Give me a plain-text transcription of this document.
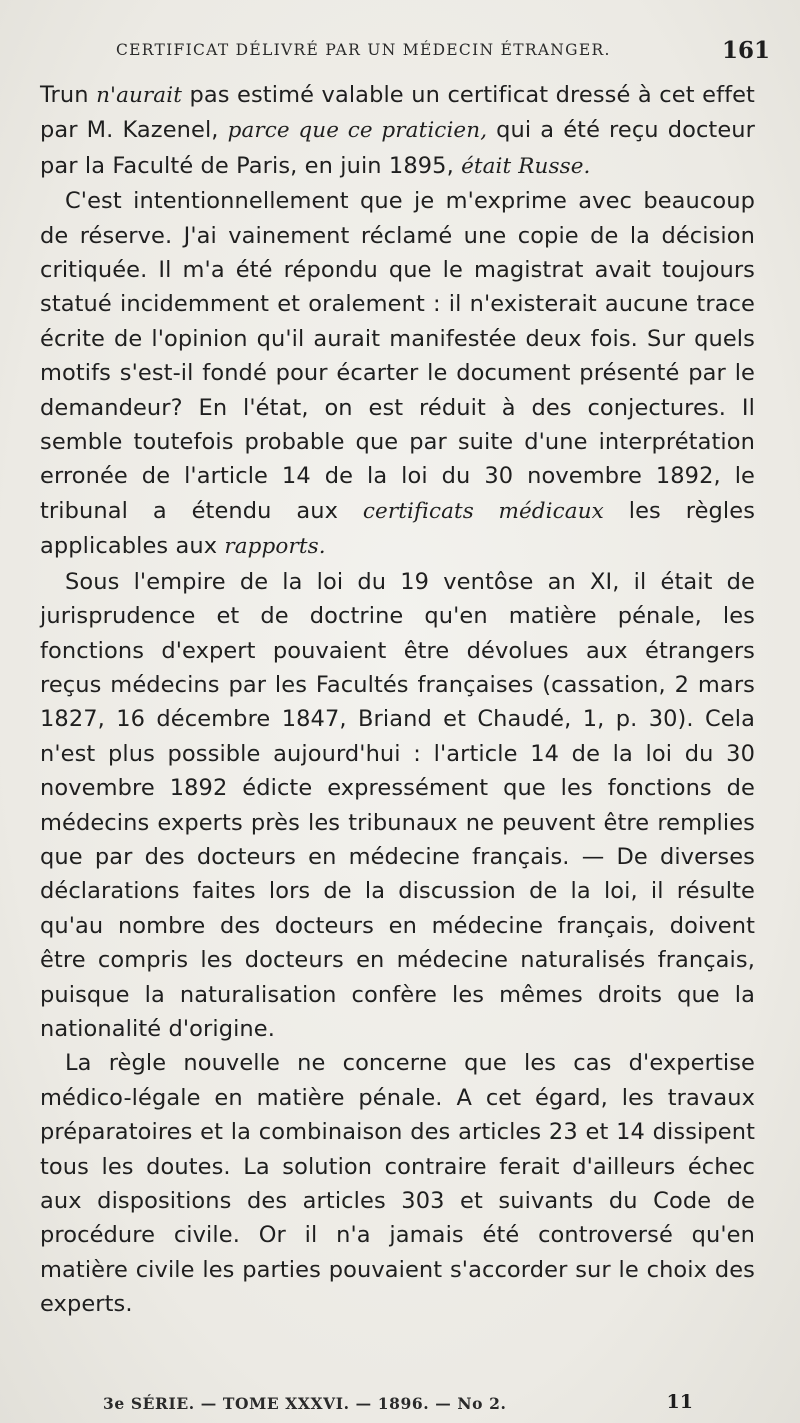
CERTIFICAT DÉLIVRÉ PAR UN MÉDECIN ÉTRANGER.	161

Trun n'aurait pas estimé valable un certificat dressé à cet effet par M. Kazenel, parce que ce praticien, qui a été reçu docteur par la Faculté de Paris, en juin 1895, était Russe.

C'est intentionnellement que je m'exprime avec beaucoup de réserve. J'ai vainement réclamé une copie de la décision critiquée. Il m'a été répondu que le magistrat avait toujours statué incidemment et oralement : il n'existerait aucune trace écrite de l'opinion qu'il aurait manifestée deux fois. Sur quels motifs s'est-il fondé pour écarter le document présenté par le demandeur? En l'état, on est réduit à des conjectures. Il semble toutefois probable que par suite d'une interprétation erronée de l'article 14 de la loi du 30 novembre 1892, le tribunal a étendu aux certificats médicaux les règles applicables aux rapports.

Sous l'empire de la loi du 19 ventôse an XI, il était de jurisprudence et de doctrine qu'en matière pénale, les fonctions d'expert pouvaient être dévolues aux étrangers reçus médecins par les Facultés françaises (cassation, 2 mars 1827, 16 décembre 1847, Briand et Chaudé, 1, p. 30). Cela n'est plus possible aujourd'hui : l'article 14 de la loi du 30 novembre 1892 édicte expressément que les fonctions de médecins experts près les tribunaux ne peuvent être remplies que par des docteurs en médecine français. — De diverses déclarations faites lors de la discussion de la loi, il résulte qu'au nombre des docteurs en médecine français, doivent être compris les docteurs en médecine naturalisés français, puisque la naturalisation confère les mêmes droits que la nationalité d'origine.

La règle nouvelle ne concerne que les cas d'expertise médico-légale en matière pénale. A cet égard, les travaux préparatoires et la combinaison des articles 23 et 14 dissipent tous les doutes. La solution contraire ferait d'ailleurs échec aux dispositions des articles 303 et suivants du Code de procédure civile. Or il n'a jamais été controversé qu'en matière civile les parties pouvaient s'accorder sur le choix des experts.

3e SÉRIE. — TOME XXXVI. — 1896. — No 2.	11
